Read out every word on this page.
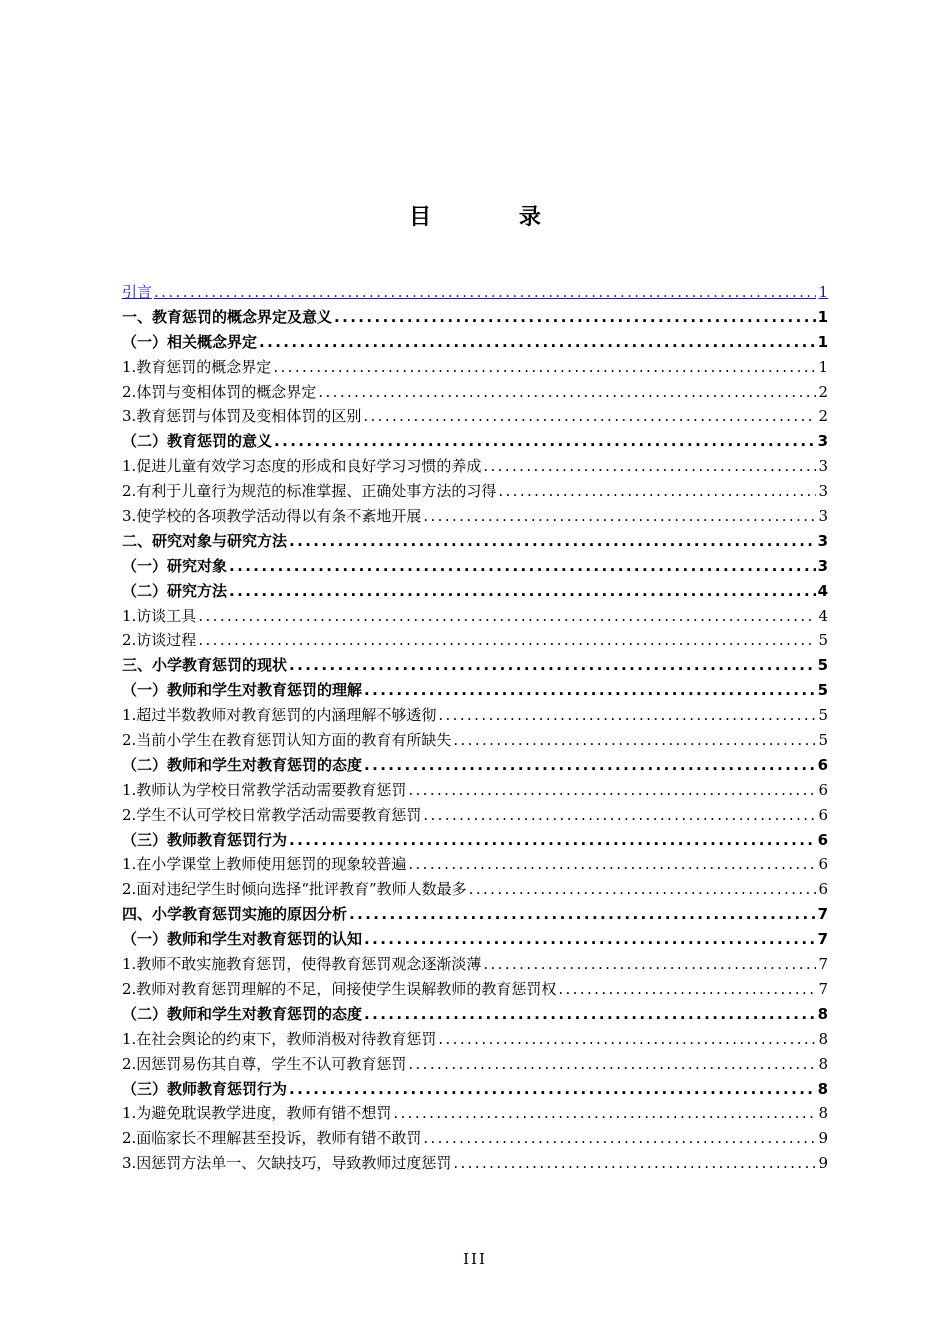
目 录
引言 .....	1
一、教育惩罚的概念界定及意义 .....	1
（一）相关概念界定 .....	1
1.教育惩罚的概念界定 .....	1
2.体罚与变相体罚的概念界定 .....	2
3.教育惩罚与体罚及变相体罚的区别 .....	2
（二）教育惩罚的意义 .....	3
1.促进儿童有效学习态度的形成和良好学习习惯的养成 .....	3
2.有利于儿童行为规范的标准掌握、正确处事方法的习得 .....	3
3.使学校的各项教学活动得以有条不紊地开展 .....	3
二、研究对象与研究方法 .....	3
（一）研究对象 .....	3
（二）研究方法 .....	4
1.访谈工具 .....	4
2.访谈过程 .....	5
三、小学教育惩罚的现状 .....	5
（一）教师和学生对教育惩罚的理解 .....	5
1.超过半数教师对教育惩罚的内涵理解不够透彻 .....	5
2.当前小学生在教育惩罚认知方面的教育有所缺失 .....	5
（二）教师和学生对教育惩罚的态度 .....	6
1.教师认为学校日常教学活动需要教育惩罚 .....	6
2.学生不认可学校日常教学活动需要教育惩罚 .....	6
（三）教师教育惩罚行为 .....	6
1.在小学课堂上教师使用惩罚的现象较普遍 .....	6
2.面对违纪学生时倾向选择“批评教育”教师人数最多 .....	6
四、小学教育惩罚实施的原因分析 .....	7
（一）教师和学生对教育惩罚的认知 .....	7
1.教师不敢实施教育惩罚，使得教育惩罚观念逐渐淡薄 .....	7
2.教师对教育惩罚理解的不足，间接使学生误解教师的教育惩罚权 .....	7
（二）教师和学生对教育惩罚的态度 .....	8
1.在社会舆论的约束下，教师消极对待教育惩罚 .....	8
2.因惩罚易伤其自尊，学生不认可教育惩罚 .....	8
（三）教师教育惩罚行为 .....	8
1.为避免耽误教学进度，教师有错不想罚 .....	8
2.面临家长不理解甚至投诉，教师有错不敢罚 .....	9
3.因惩罚方法单一、欠缺技巧，导致教师过度惩罚 .....	9
III
